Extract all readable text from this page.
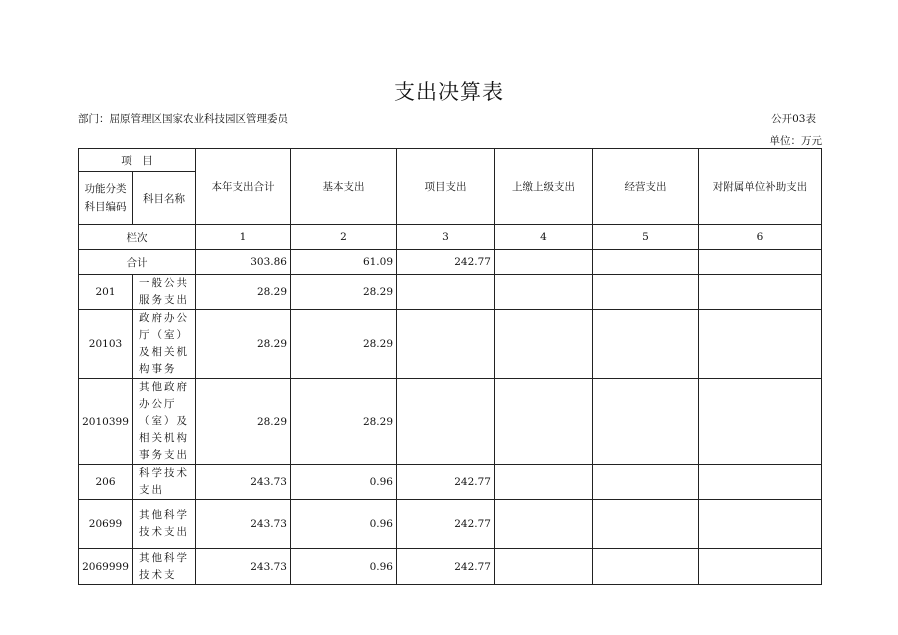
支出决算表
部门：屈原管理区国家农业科技园区管理委员	公开03表
单位：万元
项　目		本年支出合计	基本支出	项目支出	上缴上级支出	经营支出	对附属单位补助支出
功能分类科目编码	科目名称						
栏次		1	2	3	4	5	6
合计		303.86	61.09	242.77			
201	一般公共服务支出	28.29	28.29				
20103	政府办公厅（室）及相关机构事务	28.29	28.29				
2010399	其他政府办公厅（室）及相关机构事务支出	28.29	28.29				
206	科学技术支出	243.73	0.96	242.77			
20699	其他科学技术支出	243.73	0.96	242.77			
2069999	其他科学技术支	243.73	0.96	242.77			
